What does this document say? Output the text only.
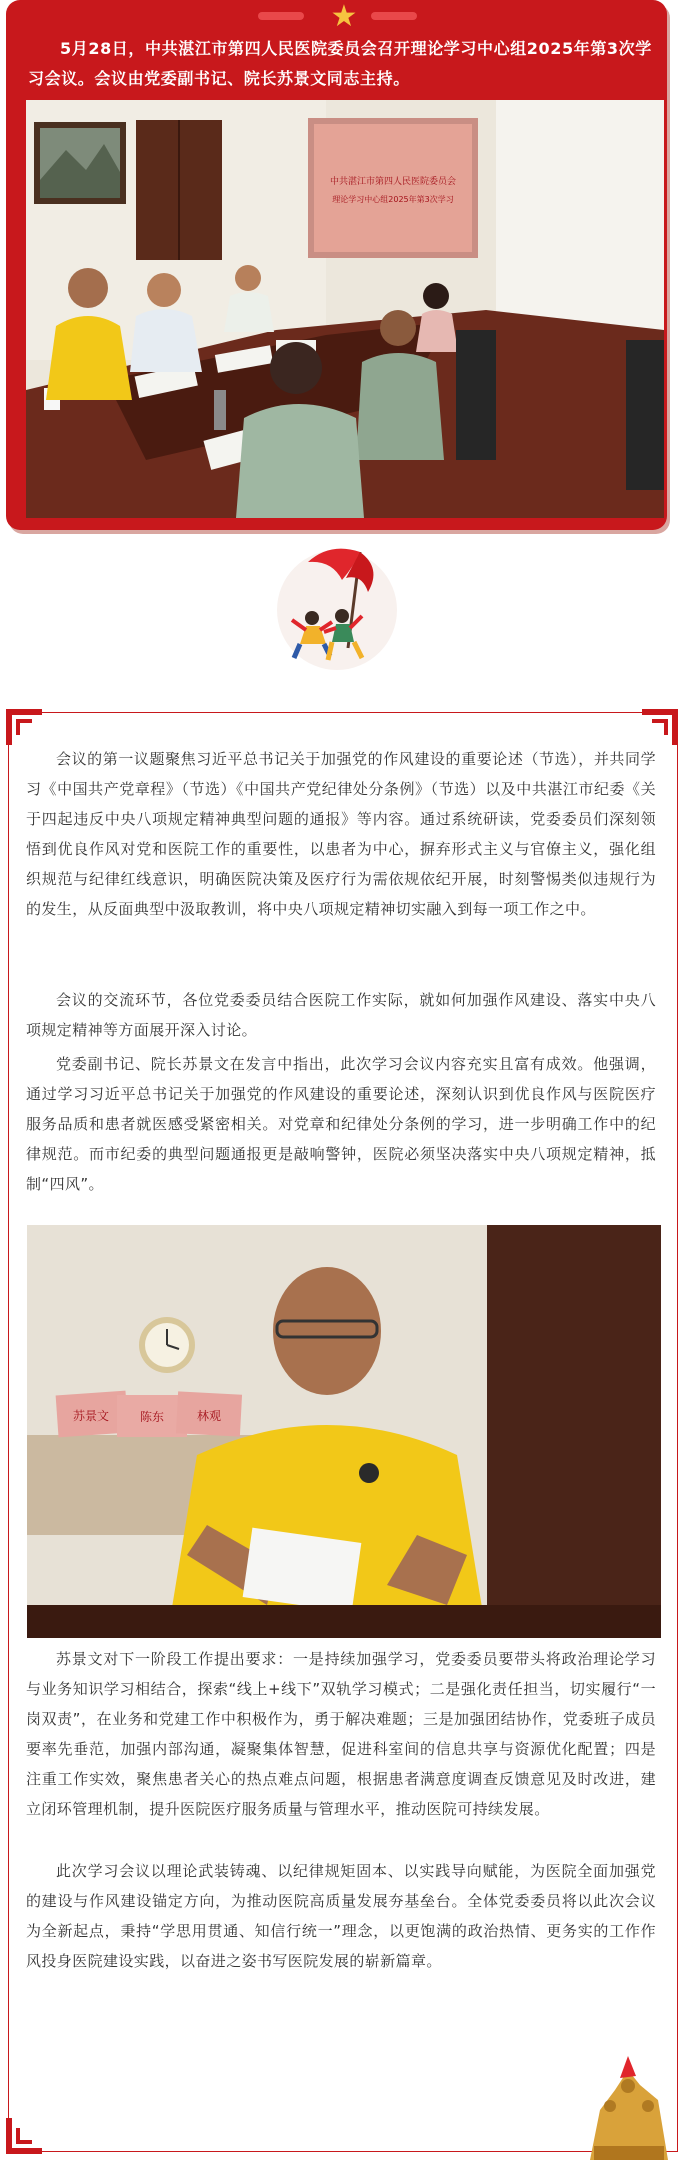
★

5月28日，中共湛江市第四人民医院委员会召开理论学习中心组2025年第3次学习会议。会议由党委副书记、院长苏景文同志主持。

中共湛江市第四人民医院委员会
理论学习中心组2025年第3次学习

会议的第一议题聚焦习近平总书记关于加强党的作风建设的重要论述（节选），并共同学习《中国共产党章程》（节选）《中国共产党纪律处分条例》（节选）以及中共湛江市纪委《关于四起违反中央八项规定精神典型问题的通报》等内容。通过系统研读，党委委员们深刻领悟到优良作风对党和医院工作的重要性，以患者为中心，摒弃形式主义与官僚主义，强化组织规范与纪律红线意识，明确医院决策及医疗行为需依规依纪开展，时刻警惕类似违规行为的发生，从反面典型中汲取教训，将中央八项规定精神切实融入到每一项工作之中。

会议的交流环节，各位党委委员结合医院工作实际，就如何加强作风建设、落实中央八项规定精神等方面展开深入讨论。

党委副书记、院长苏景文在发言中指出，此次学习会议内容充实且富有成效。他强调，通过学习习近平总书记关于加强党的作风建设的重要论述，深刻认识到优良作风与医院医疗服务品质和患者就医感受紧密相关。对党章和纪律处分条例的学习，进一步明确工作中的纪律规范。而市纪委的典型问题通报更是敲响警钟，医院必须坚决落实中央八项规定精神，抵制“四风”。

苏景文	陈东	林观

苏景文对下一阶段工作提出要求：一是持续加强学习，党委委员要带头将政治理论学习与业务知识学习相结合，探索“线上+线下”双轨学习模式；二是强化责任担当，切实履行“一岗双责”，在业务和党建工作中积极作为，勇于解决难题；三是加强团结协作，党委班子成员要率先垂范，加强内部沟通，凝聚集体智慧，促进科室间的信息共享与资源优化配置；四是注重工作实效，聚焦患者关心的热点难点问题，根据患者满意度调查反馈意见及时改进，建立闭环管理机制，提升医院医疗服务质量与管理水平，推动医院可持续发展。

此次学习会议以理论武装铸魂、以纪律规矩固本、以实践导向赋能，为医院全面加强党的建设与作风建设锚定方向，为推动医院高质量发展夯基垒台。全体党委委员将以此次会议为全新起点，秉持“学思用贯通、知信行统一”理念，以更饱满的政治热情、更务实的工作作风投身医院建设实践，以奋进之姿书写医院发展的崭新篇章。
